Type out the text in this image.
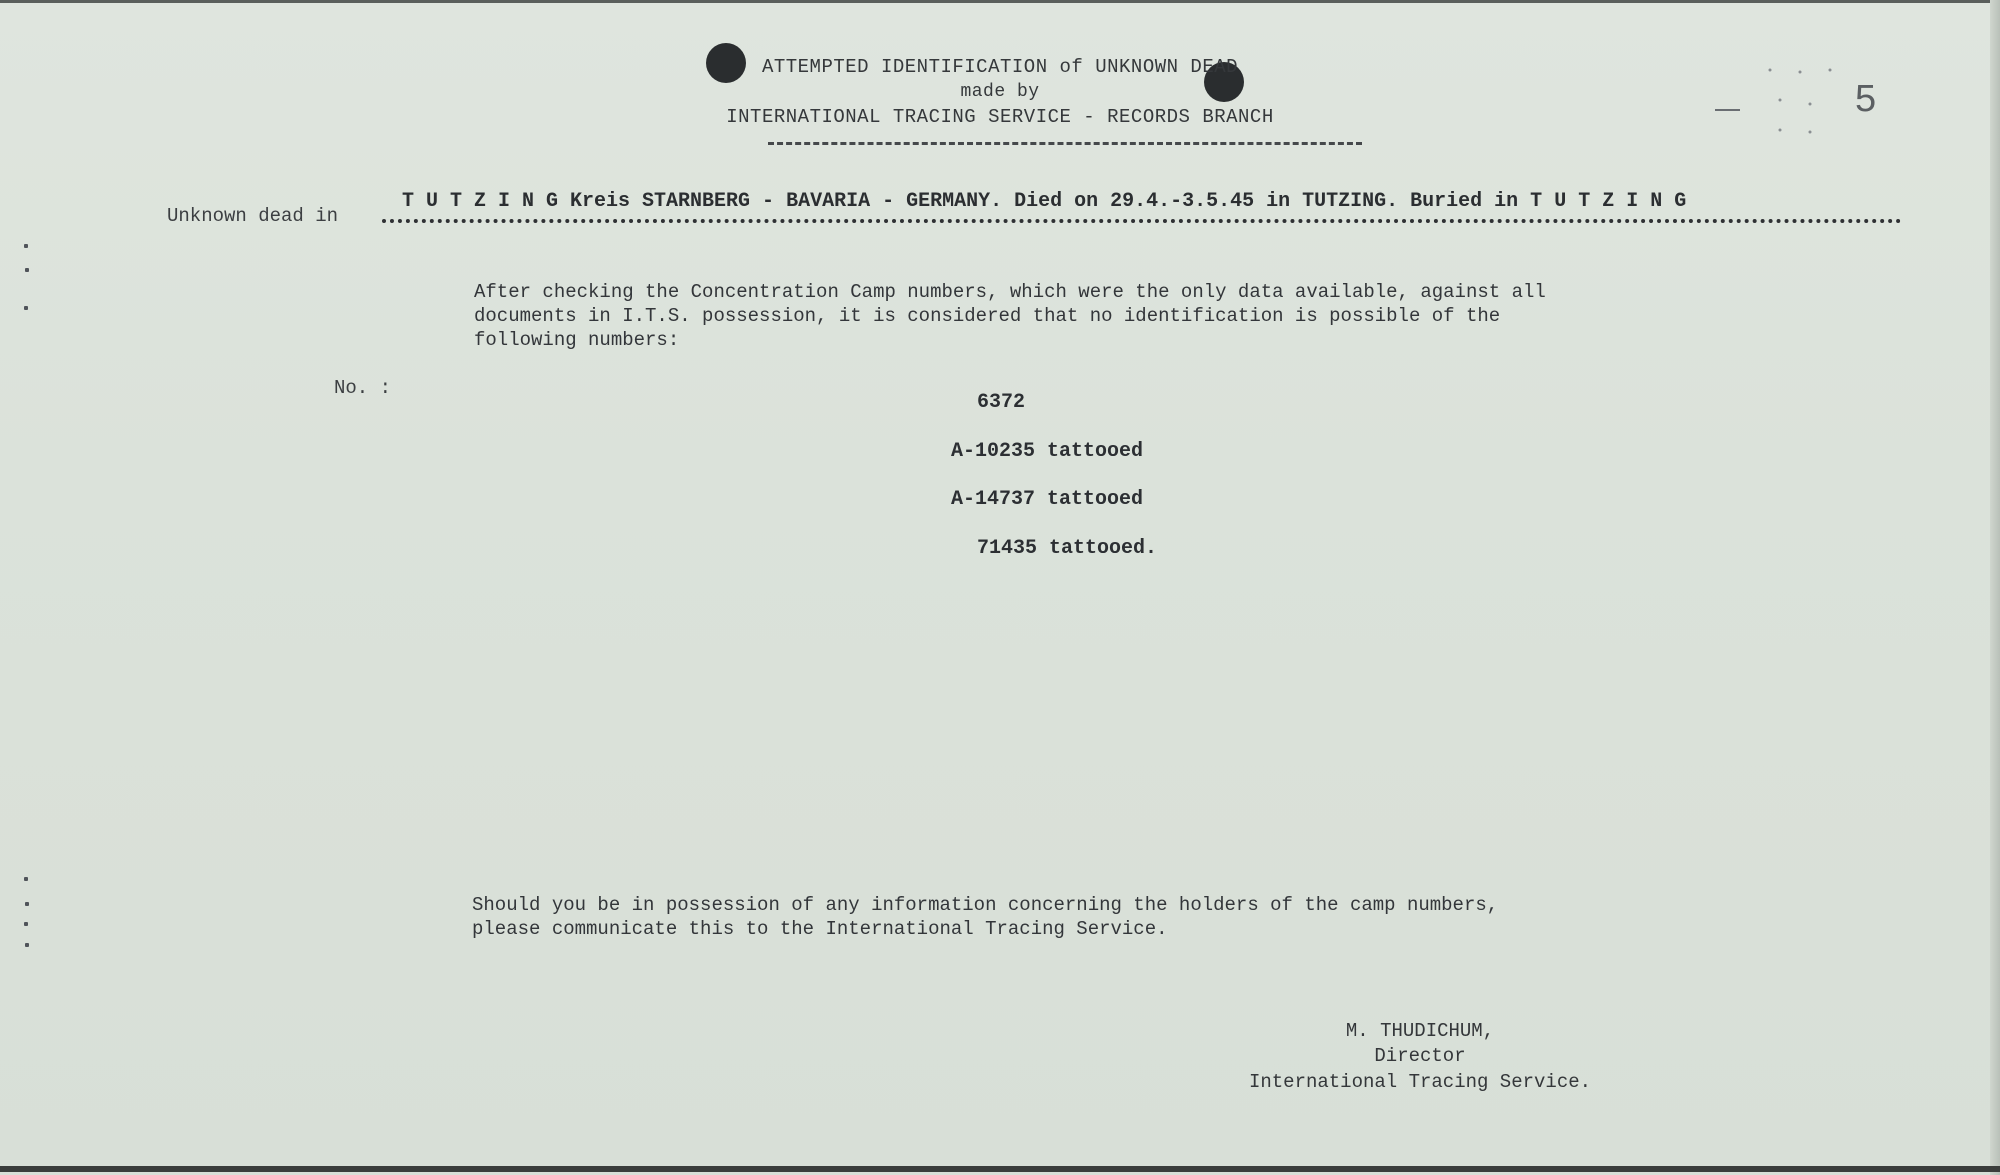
ATTEMPTED IDENTIFICATION of UNKNOWN DEAD
made by
INTERNATIONAL TRACING SERVICE - RECORDS BRANCH	5
Unknown dead in
T U T Z I N G Kreis STARNBERG - BAVARIA - GERMANY. Died on 29.4.-3.5.45 in TUTZING. Buried in T U T Z I N G
After checking the Concentration Camp numbers, which were the only data available, against all
documents in I.T.S. possession, it is considered that no identification is possible of the
following numbers:
No. :
6372
A-10235 tattooed
A-14737 tattooed
71435 tattooed.
Should you be in possession of any information concerning the holders of the camp numbers,
please communicate this to the International Tracing Service.
M. THUDICHUM,
Director
International Tracing Service.
